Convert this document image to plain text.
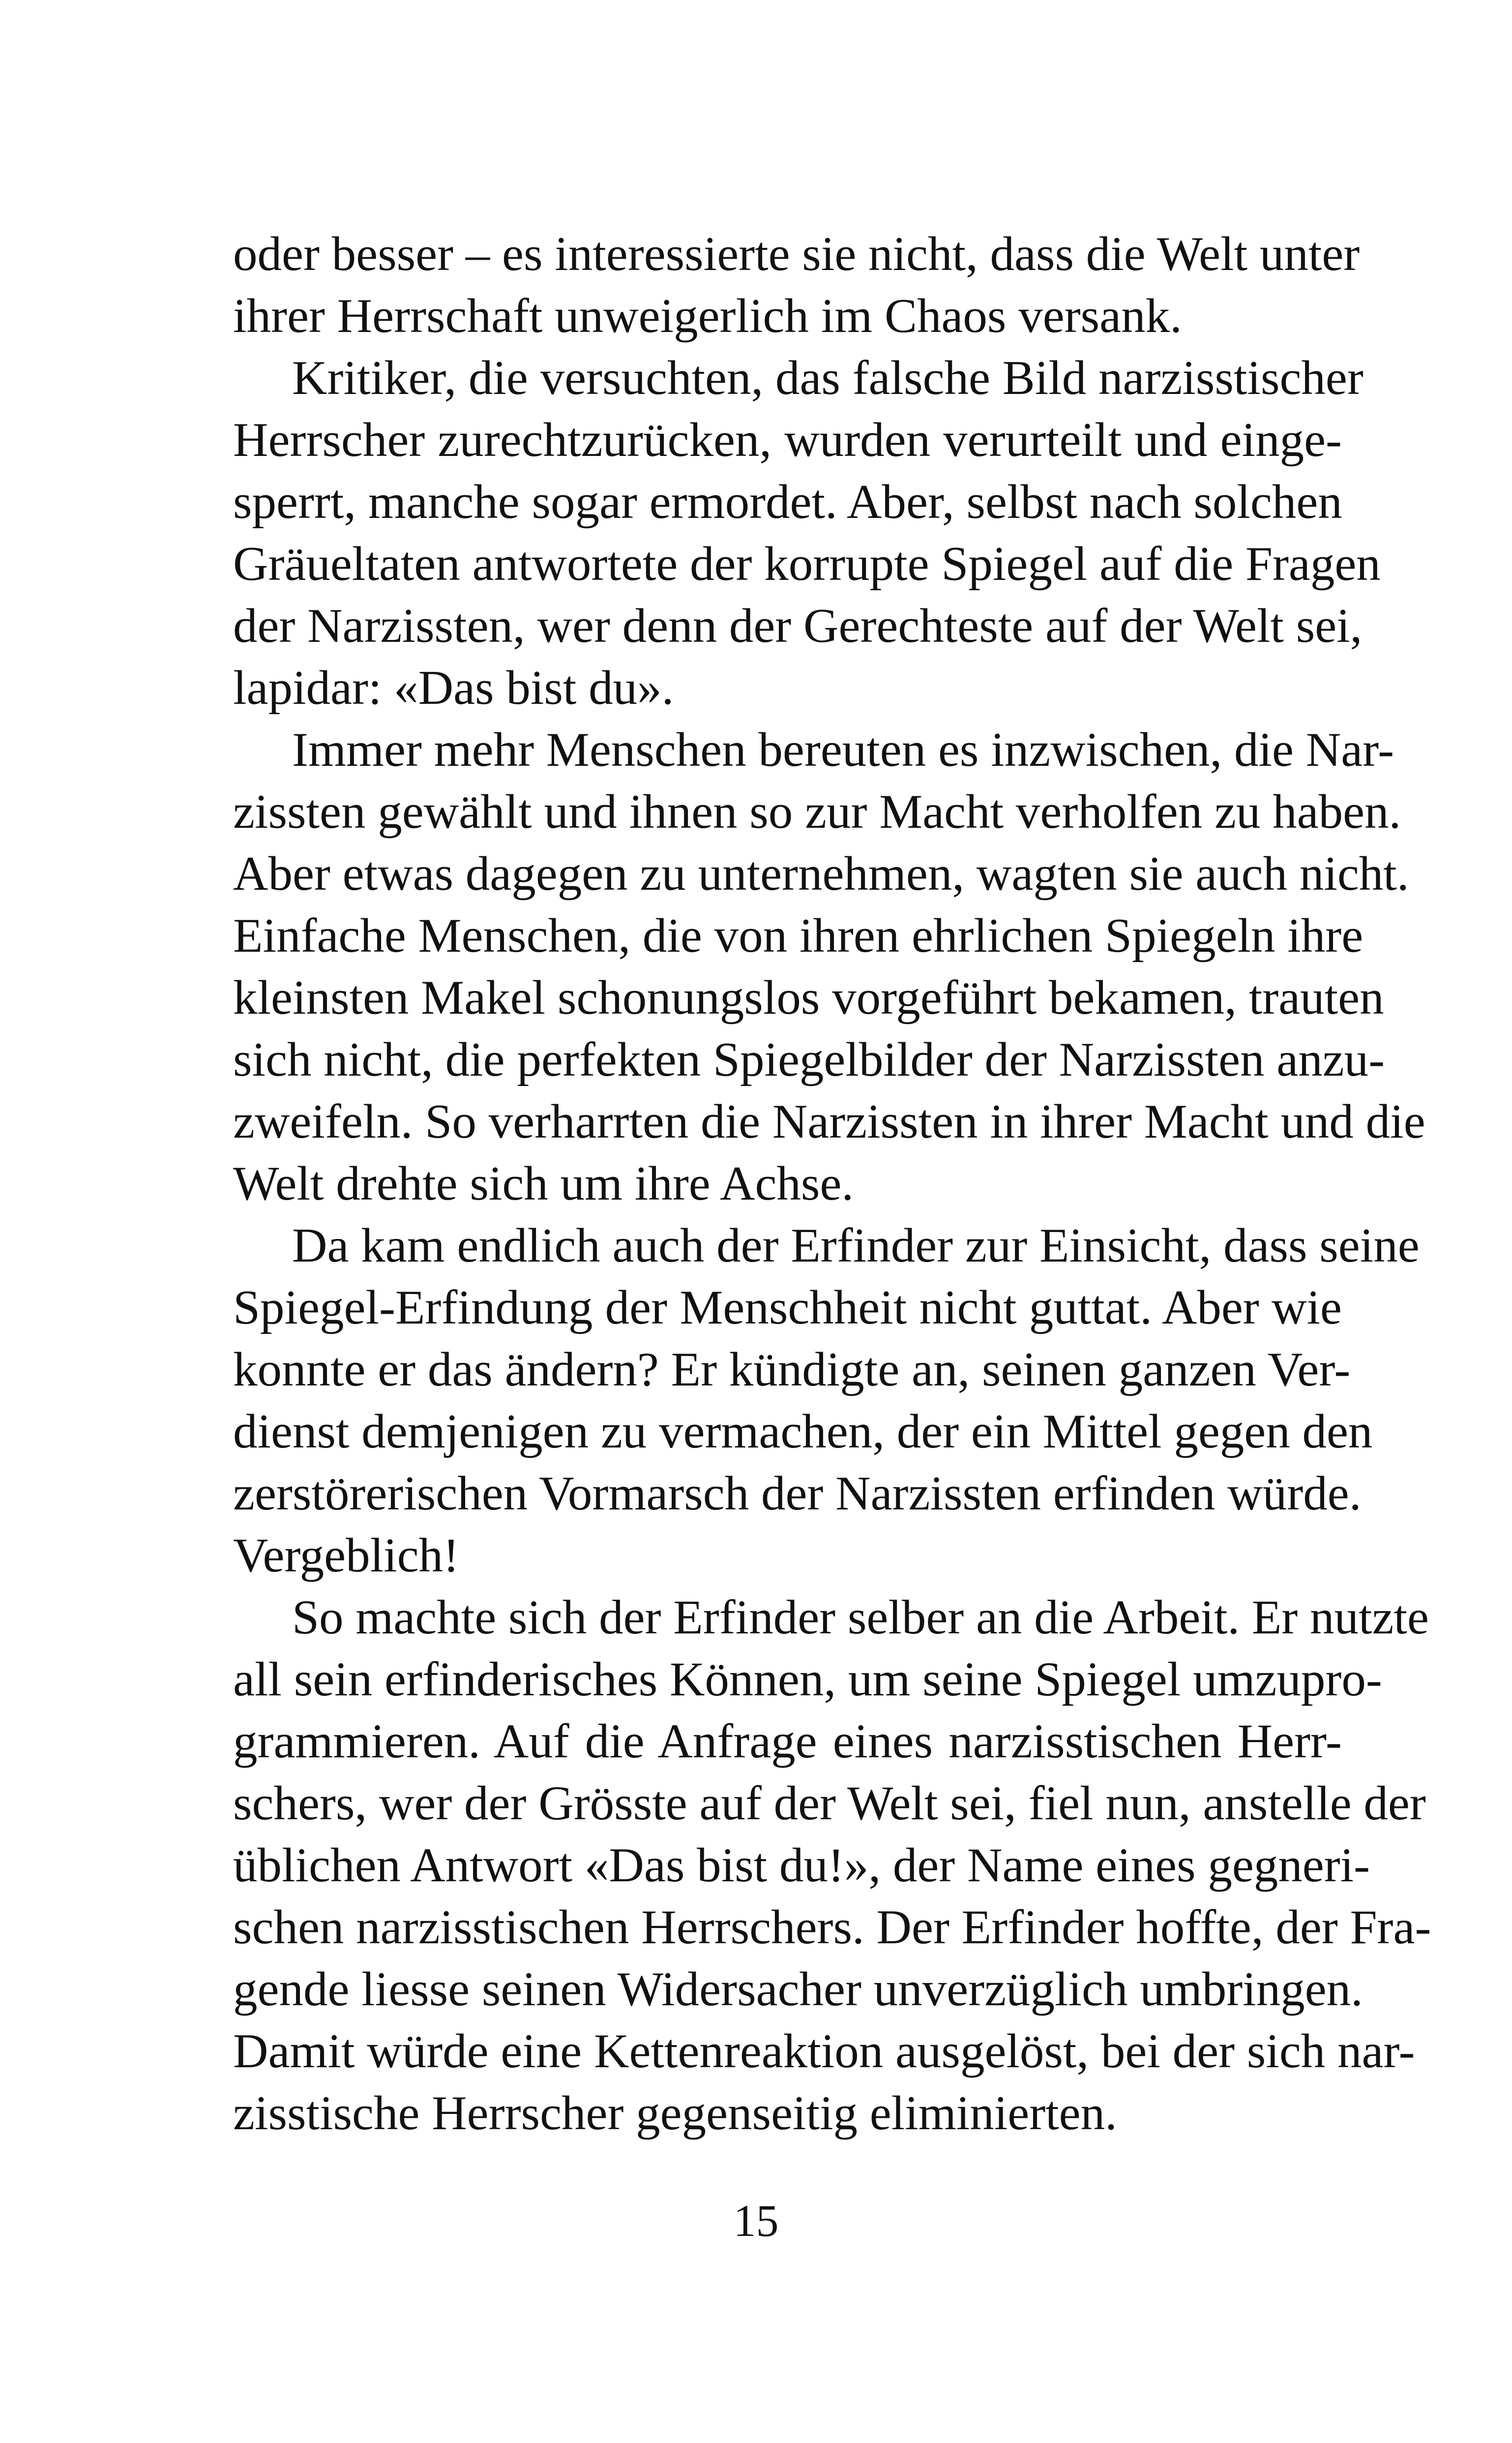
oder besser – es interessierte sie nicht, dass die Welt unter
ihrer Herrschaft unweigerlich im Chaos versank.
Kritiker, die versuchten, das falsche Bild narzisstischer
Herrscher zurechtzurücken, wurden verurteilt und einge-
sperrt, manche sogar ermordet. Aber, selbst nach solchen
Gräueltaten antwortete der korrupte Spiegel auf die Fragen
der Narzissten, wer denn der Gerechteste auf der Welt sei,
lapidar: «Das bist du».
Immer mehr Menschen bereuten es inzwischen, die Nar-
zissten gewählt und ihnen so zur Macht verholfen zu haben.
Aber etwas dagegen zu unternehmen, wagten sie auch nicht.
Einfache Menschen, die von ihren ehrlichen Spiegeln ihre
kleinsten Makel schonungslos vorgeführt bekamen, trauten
sich nicht, die perfekten Spiegelbilder der Narzissten anzu-
zweifeln. So verharrten die Narzissten in ihrer Macht und die
Welt drehte sich um ihre Achse.
Da kam endlich auch der Erfinder zur Einsicht, dass seine
Spiegel-Erfindung der Menschheit nicht guttat. Aber wie
konnte er das ändern? Er kündigte an, seinen ganzen Ver-
dienst demjenigen zu vermachen, der ein Mittel gegen den
zerstörerischen Vormarsch der Narzissten erfinden würde.
Vergeblich!
So machte sich der Erfinder selber an die Arbeit. Er nutzte
all sein erfinderisches Können, um seine Spiegel umzupro-
grammieren. Auf die Anfrage eines narzisstischen Herr-
schers, wer der Grösste auf der Welt sei, fiel nun, anstelle der
üblichen Antwort «Das bist du!», der Name eines gegneri-
schen narzisstischen Herrschers. Der Erfinder hoffte, der Fra-
gende liesse seinen Widersacher unverzüglich umbringen.
Damit würde eine Kettenreaktion ausgelöst, bei der sich nar-
zisstische Herrscher gegenseitig eliminierten.
15
